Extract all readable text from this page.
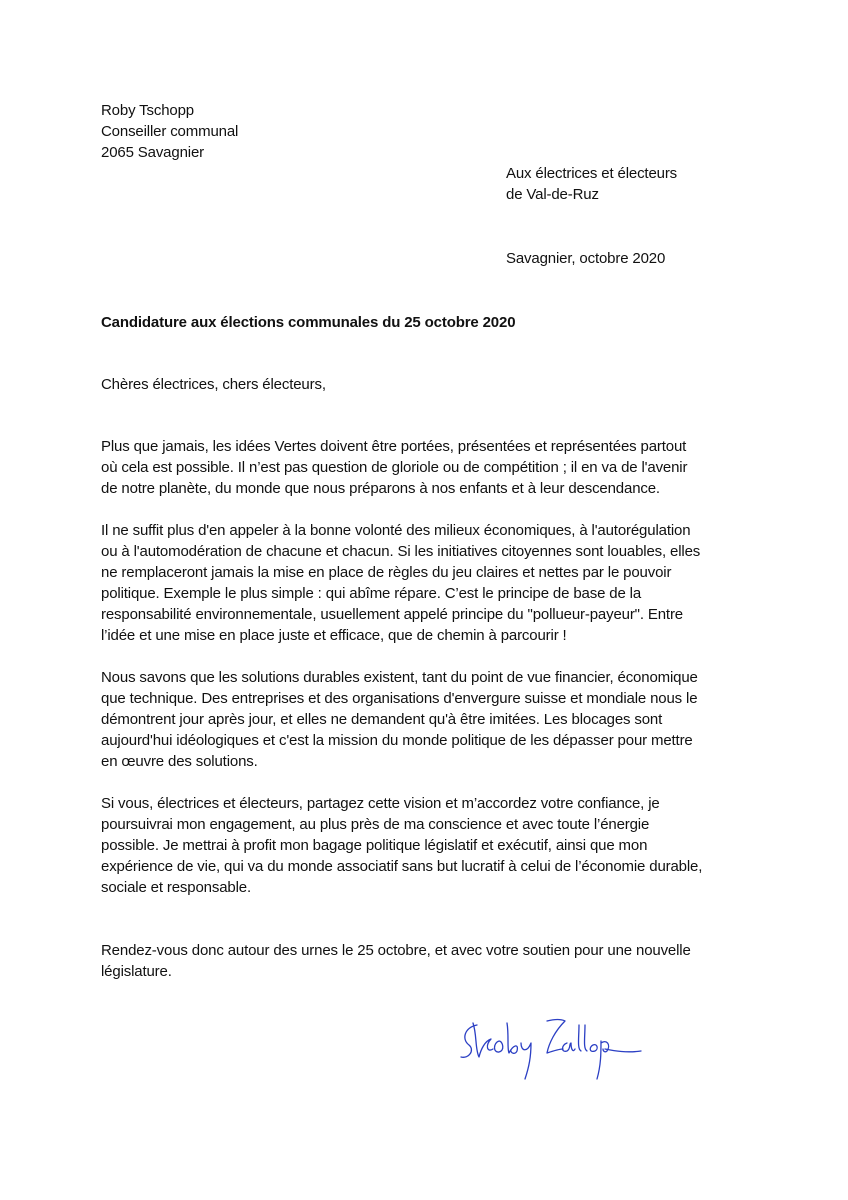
Roby Tschopp
Conseiller communal
2065 Savagnier
Aux électrices et électeurs
de Val-de-Ruz
Savagnier, octobre 2020
Candidature aux élections communales du 25 octobre 2020
Chères électrices, chers électeurs,
Plus que jamais, les idées Vertes doivent être portées, présentées et représentées partout
où cela est possible. Il n’est pas question de gloriole ou de compétition ; il en va de l'avenir
de notre planète, du monde que nous préparons à nos enfants et à leur descendance.
Il ne suffit plus d'en appeler à la bonne volonté des milieux économiques, à l'autorégulation
ou à l'automodération de chacune et chacun. Si les initiatives citoyennes sont louables, elles
ne remplaceront jamais la mise en place de règles du jeu claires et nettes par le pouvoir
politique. Exemple le plus simple : qui abîme répare. C’est le principe de base de la
responsabilité environnementale, usuellement appelé principe du "pollueur-payeur". Entre
l’idée et une mise en place juste et efficace, que de chemin à parcourir !
Nous savons que les solutions durables existent, tant du point de vue financier, économique
que technique. Des entreprises et des organisations d'envergure suisse et mondiale nous le
démontrent jour après jour, et elles ne demandent qu'à être imitées. Les blocages sont
aujourd'hui idéologiques et c'est la mission du monde politique de les dépasser pour mettre
en œuvre des solutions.
Si vous, électrices et électeurs, partagez cette vision et m’accordez votre confiance, je
poursuivrai mon engagement, au plus près de ma conscience et avec toute l’énergie
possible. Je mettrai à profit mon bagage politique législatif et exécutif, ainsi que mon
expérience de vie, qui va du monde associatif sans but lucratif à celui de l’économie durable,
sociale et responsable.
Rendez-vous donc autour des urnes le 25 octobre, et avec votre soutien pour une nouvelle
législature.
